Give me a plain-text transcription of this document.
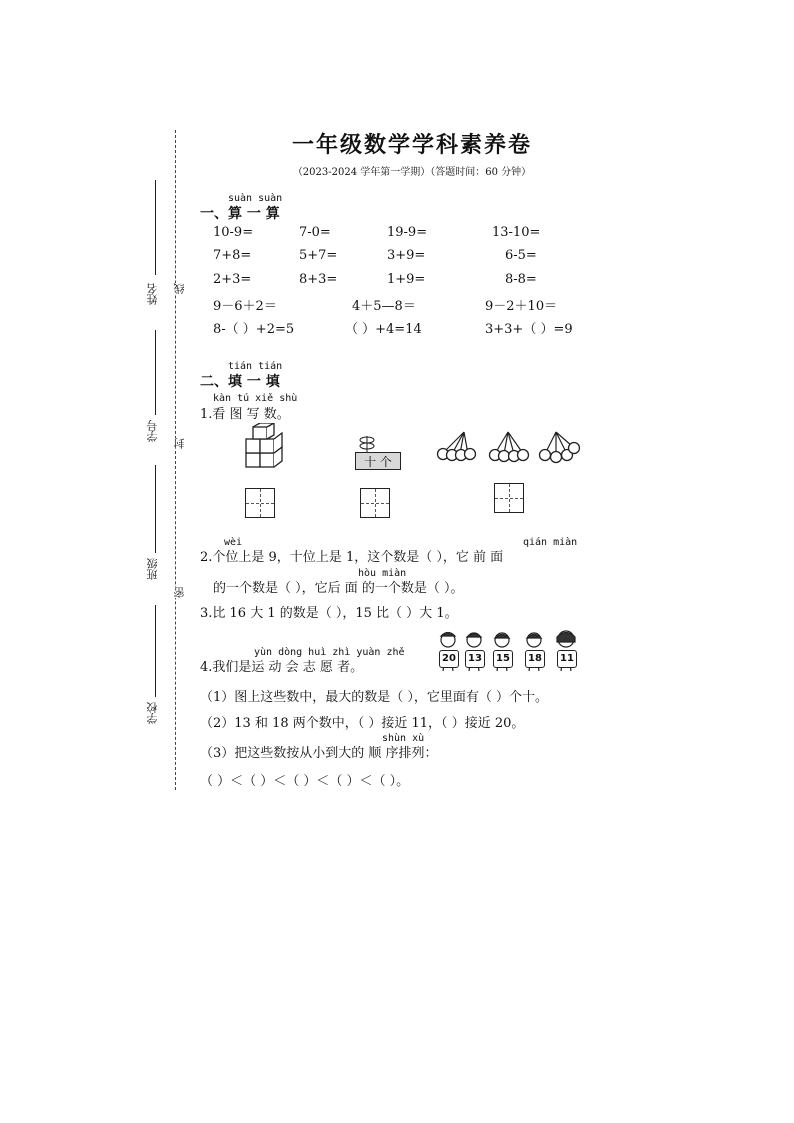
姓名
学号
班级
学校
线
封
密
一年级数学学科素养卷
（2023-2024 学年第一学期）（答题时间：60 分钟）
suàn suàn
一、算 一 算
10-9=	7-0=	19-9=	13-10=
7+8=	5+7=	3+9=	6-5=
2+3=	8+3=	1+9=	8-8=
9－6＋2＝	4＋5—8＝	9－2＋10＝
8-（ ）+2=5	（ ）+4=14	3+3+（ ）=9
tián tián
二、填 一 填
kàn tú xiě shù
1.看 图 写 数。
十 个
wèi	qián miàn
2.个位上是 9，十位上是 1，这个数是（ ），它 前 面
hòu miàn
的一个数是（ ），它后 面 的一个数是（ ）。
3.比 16 大 1 的数是（ ），15 比（ ）大 1。
yùn dòng huì zhì yuàn zhě
4.我们是运 动 会 志 愿 者。
20	13	15	18	11
（1）图上这些数中，最大的数是（ ），它里面有（ ）个十。
（2）13 和 18 两个数中，（ ）接近 11，（ ）接近 20。
shùn xù
（3）把这些数按从小到大的 顺 序排列：
（ ）＜（ ）＜（ ）＜（ ）＜（ ）。
